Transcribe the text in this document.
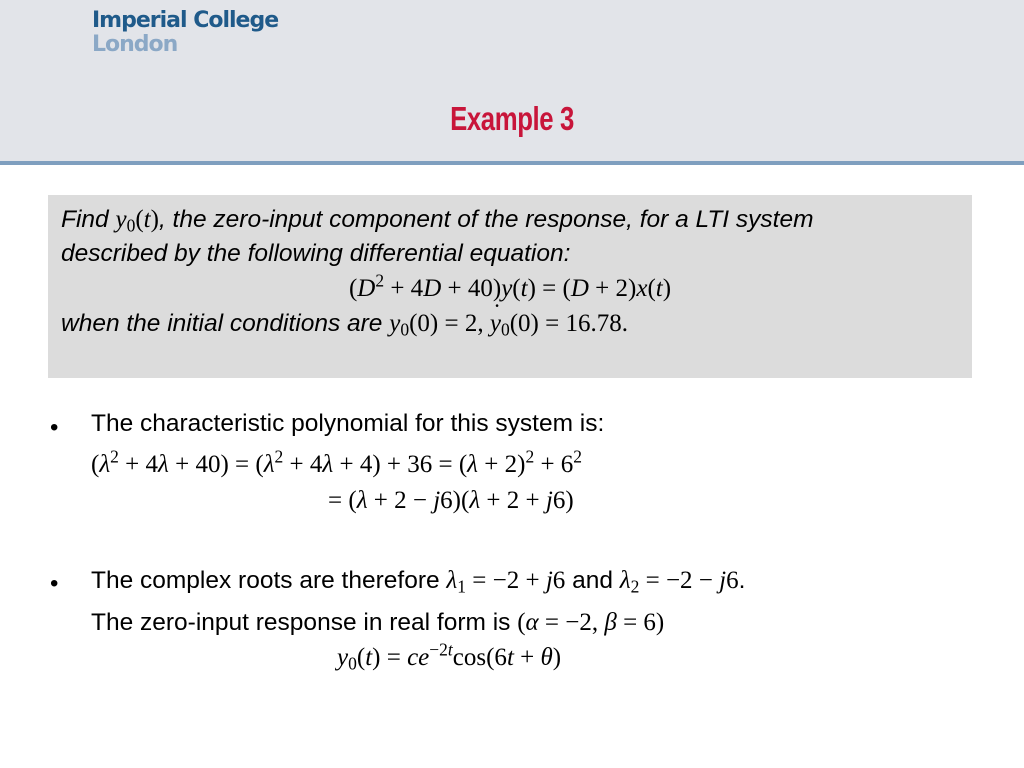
Imperial College
London
Example 3
Find $y_0(t)$, the zero-input component of the response, for a LTI system
described by the following differential equation:
$(D^2 + 4D + 40)y(t) = (D + 2)x(t)$
when the initial conditions are $y_0(0) = 2$, y $˙_0(0) = 16.78$.
• The characteristic polynomial for this system is:
$(\lambda^2 + 4\lambda + 40) = (\lambda^2 + 4\lambda + 4) + 36 = (\lambda + 2)^2 + 6^2$
= (λ + 2 − j6)(λ + 2 + j6)
• The complex roots are therefore $\lambda_1 = -2 + j6$ and $\lambda_2 = -2 - j6$.
The zero-input response in real form is (α = −2, β = 6)
$y_0(t) = ce^{-2t}\cos(6t + \theta)$
